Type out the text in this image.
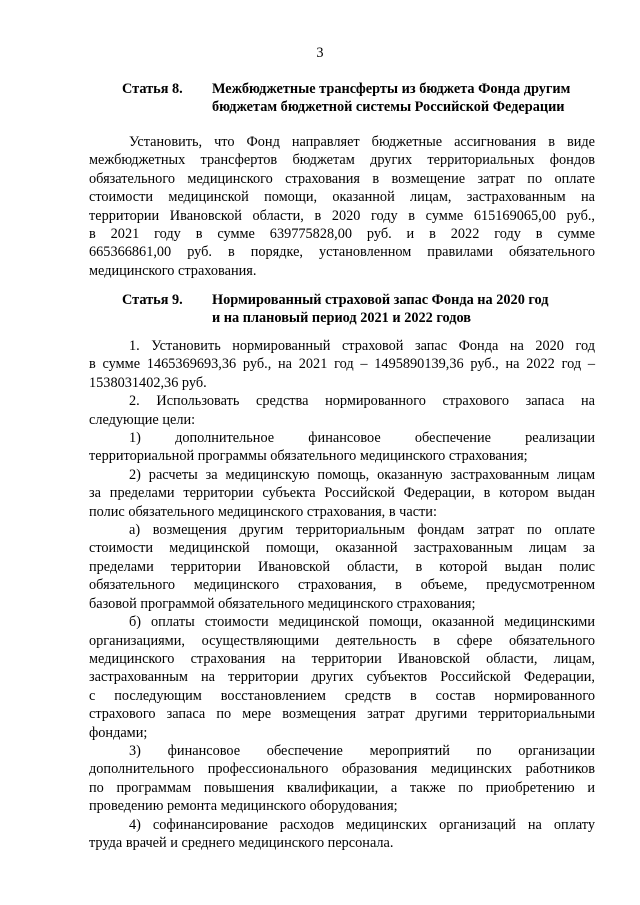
3
Статья 8.	Межбюджетные трансферты из бюджета Фонда другим
бюджетам бюджетной системы Российской Федерации
Установить, что Фонд направляет бюджетные ассигнования в виде
межбюджетных трансфертов бюджетам других территориальных фондов
обязательного медицинского страхования в возмещение затрат по оплате
стоимости медицинской помощи, оказанной лицам, застрахованным на
территории Ивановской области, в 2020 году в сумме 615169065,00 руб.,
в 2021 году в сумме 639775828,00 руб. и в 2022 году в сумме
665366861,00 руб. в порядке, установленном правилами обязательного
медицинского страхования.
Статья 9.	Нормированный страховой запас Фонда на 2020 год
и на плановый период 2021 и 2022 годов
1. Установить нормированный страховой запас Фонда на 2020 год
в сумме 1465369693,36 руб., на 2021 год – 1495890139,36 руб., на 2022 год –
1538031402,36 руб.
2. Использовать средства нормированного страхового запаса на
следующие цели:
1) дополнительное финансовое обеспечение реализации
территориальной программы обязательного медицинского страхования;
2) расчеты за медицинскую помощь, оказанную застрахованным лицам
за пределами территории субъекта Российской Федерации, в котором выдан
полис обязательного медицинского страхования, в части:
а) возмещения другим территориальным фондам затрат по оплате
стоимости медицинской помощи, оказанной застрахованным лицам за
пределами территории Ивановской области, в которой выдан полис
обязательного медицинского страхования, в объеме, предусмотренном
базовой программой обязательного медицинского страхования;
б) оплаты стоимости медицинской помощи, оказанной медицинскими
организациями, осуществляющими деятельность в сфере обязательного
медицинского страхования на территории Ивановской области, лицам,
застрахованным на территории других субъектов Российской Федерации,
с последующим восстановлением средств в состав нормированного
страхового запаса по мере возмещения затрат другими территориальными
фондами;
3) финансовое обеспечение мероприятий по организации
дополнительного профессионального образования медицинских работников
по программам повышения квалификации, а также по приобретению и
проведению ремонта медицинского оборудования;
4) софинансирование расходов медицинских организаций на оплату
труда врачей и среднего медицинского персонала.
